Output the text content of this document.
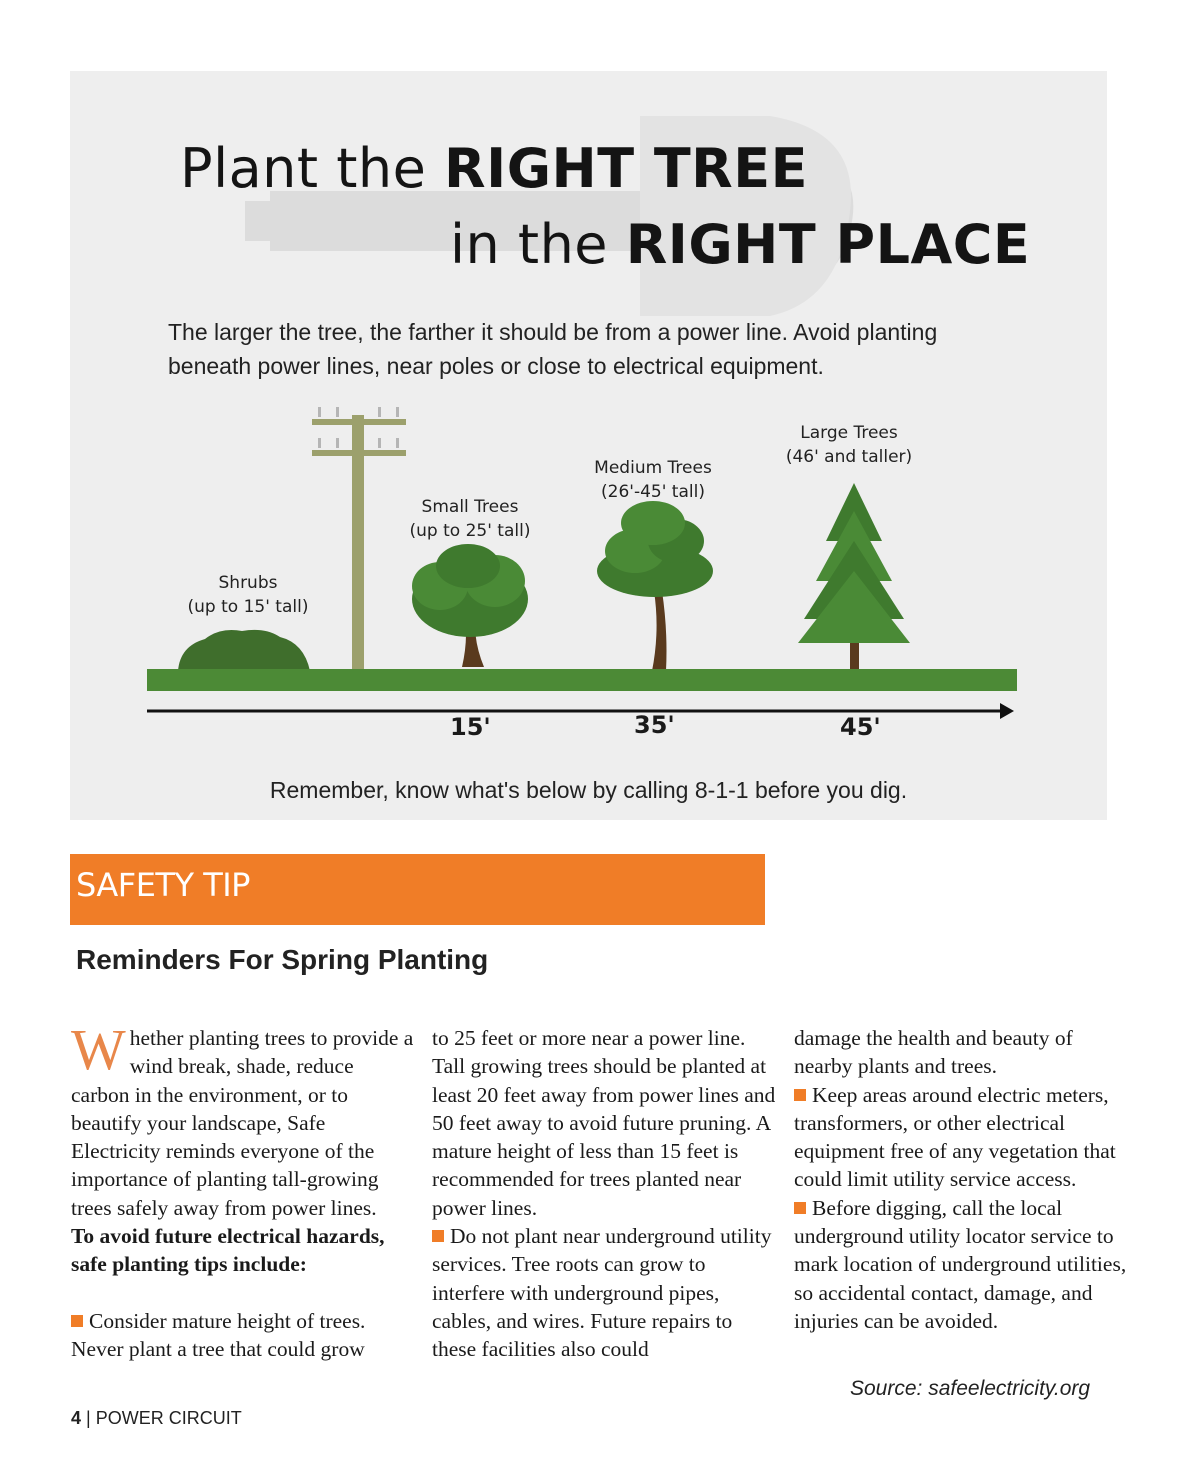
Plant the RIGHT TREE
in the RIGHT PLACE
The larger the tree, the farther it should be from a power line. Avoid planting beneath power lines, near poles or close to electrical equipment.
Shrubs
(up to 15' tall)
Small Trees
(up to 25' tall)
Medium Trees
(26'-45' tall)
Large Trees
(46' and taller)
15'	35'	45'
Remember, know what's below by calling 8-1-1 before you dig.
SAFETY TIP
Reminders For Spring Planting

Whether planting trees to provide a wind break, shade, reduce carbon in the environment, or to beautify your landscape, Safe Electricity reminds everyone of the importance of planting tall-growing trees safely away from power lines.

To avoid future electrical hazards, safe planting tips include:

Consider mature height of trees. Never plant a tree that could grow

to 25 feet or more near a power line. Tall growing trees should be planted at least 20 feet away from power lines and 50 feet away to avoid future pruning. A mature height of less than 15 feet is recommended for trees planted near power lines.

Do not plant near underground utility services. Tree roots can grow to interfere with underground pipes, cables, and wires. Future repairs to these facilities also could

damage the health and beauty of nearby plants and trees.

Keep areas around electric meters, transformers, or other electrical equipment free of any vegetation that could limit utility service access.

Before digging, call the local underground utility locator service to mark location of underground utilities, so accidental contact, damage, and injuries can be avoided.

Source: safeelectricity.org
4 | POWER CIRCUIT
